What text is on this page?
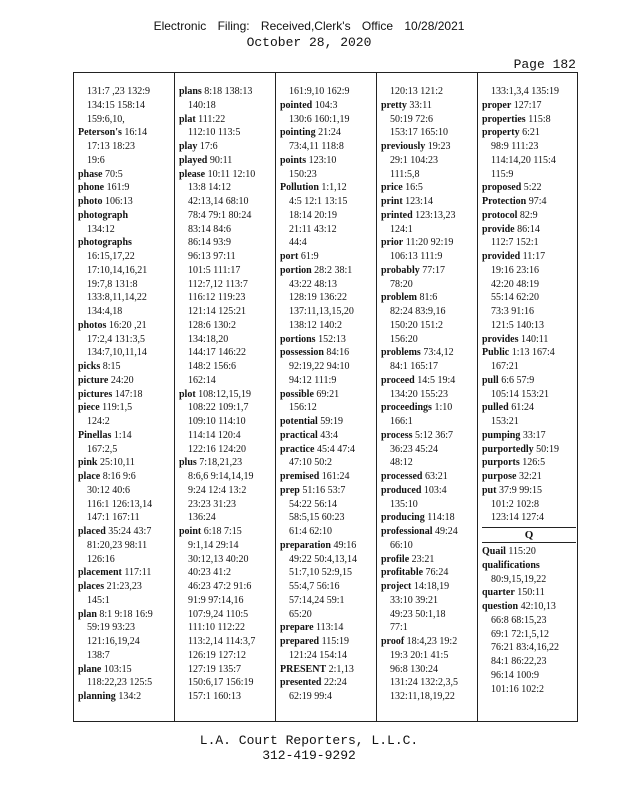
Electronic Filing: Received,Clerk's Office 10/28/2021
October 28, 2020
Page 182
131:7 ,23 132:9
134:15 158:14
159:6,10,
Peterson's 16:14
17:13 18:23
19:6
phase 70:5
phone 161:9
photo 106:13
photograph
134:12
photographs
16:15,17,22
17:10,14,16,21
19:7,8 131:8
133:8,11,14,22
134:4,18
photos 16:20 ,21
17:2,4 131:3,5
134:7,10,11,14
picks 8:15
picture 24:20
pictures 147:18
piece 119:1,5
124:2
Pinellas 1:14
167:2,5
pink 25:10,11
place 8:16 9:6
30:12 40:6
116:1 126:13,14
147:1 167:11
placed 35:24 43:7
81:20,23 98:11
126:16
placement 117:11
places 21:23,23
145:1
plan 8:1 9:18 16:9
59:19 93:23
121:16,19,24
138:7
plane 103:15
118:22,23 125:5
planning 134:2
plans 8:18 138:13
140:18
plat 111:22
112:10 113:5
play 17:6
played 90:11
please 10:11 12:10
13:8 14:12
42:13,14 68:10
78:4 79:1 80:24
83:14 84:6
86:14 93:9
96:13 97:11
101:5 111:17
112:7,12 113:7
116:12 119:23
121:14 125:21
128:6 130:2
134:18,20
144:17 146:22
148:2 156:6
162:14
plot 108:12,15,19
108:22 109:1,7
109:10 114:10
114:14 120:4
122:16 124:20
plus 7:18,21,23
8:6,6 9:14,14,19
9:24 12:4 13:2
23:23 31:23
136:24
point 6:18 7:15
9:1,14 29:14
30:12,13 40:20
40:23 41:2
46:23 47:2 91:6
91:9 97:14,16
107:9,24 110:5
111:10 112:22
113:2,14 114:3,7
126:19 127:12
127:19 135:7
150:6,17 156:19
157:1 160:13
161:9,10 162:9
pointed 104:3
130:6 160:1,19
pointing 21:24
73:4,11 118:8
points 123:10
150:23
Pollution 1:1,12
4:5 12:1 13:15
18:14 20:19
21:11 43:12
44:4
port 61:9
portion 28:2 38:1
43:22 48:13
128:19 136:22
137:11,13,15,20
138:12 140:2
portions 152:13
possession 84:16
92:19,22 94:10
94:12 111:9
possible 69:21
156:12
potential 59:19
practical 43:4
practice 45:4 47:4
47:10 50:2
premised 161:24
prep 51:16 53:7
54:22 56:14
58:5,15 60:23
61:4 62:10
preparation 49:16
49:22 50:4,13,14
51:7,10 52:9,15
55:4,7 56:16
57:14,24 59:1
65:20
prepare 113:14
prepared 115:19
121:24 154:14
PRESENT 2:1,13
presented 22:24
62:19 99:4
120:13 121:2
pretty 33:11
50:19 72:6
153:17 165:10
previously 19:23
29:1 104:23
111:5,8
price 16:5
print 123:14
printed 123:13,23
124:1
prior 11:20 92:19
106:13 111:9
probably 77:17
78:20
problem 81:6
82:24 83:9,16
150:20 151:2
156:20
problems 73:4,12
84:1 165:17
proceed 14:5 19:4
134:20 155:23
proceedings 1:10
166:1
process 5:12 36:7
36:23 45:24
48:12
processed 63:21
produced 103:4
135:10
producing 114:18
professional 49:24
66:10
profile 23:21
profitable 76:24
project 14:18,19
33:10 39:21
49:23 50:1,18
77:1
proof 18:4,23 19:2
19:3 20:1 41:5
96:8 130:24
131:24 132:2,3,5
132:11,18,19,22
133:1,3,4 135:19
proper 127:17
properties 115:8
property 6:21
98:9 111:23
114:14,20 115:4
115:9
proposed 5:22
Protection 97:4
protocol 82:9
provide 86:14
112:7 152:1
provided 11:17
19:16 23:16
42:20 48:19
55:14 62:20
73:3 91:16
121:5 140:13
provides 140:11
Public 1:13 167:4
167:21
pull 6:6 57:9
105:14 153:21
pulled 61:24
153:21
pumping 33:17
purportedly 50:19
purports 126:5
purpose 32:21
put 37:9 99:15
101:2 102:8
123:14 127:4
Q
Quail 115:20
qualifications
80:9,15,19,22
quarter 150:11
question 42:10,13
66:8 68:15,23
69:1 72:1,5,12
76:21 83:4,16,22
84:1 86:22,23
96:14 100:9
101:16 102:2
L.A. Court Reporters, L.L.C.
312-419-9292
